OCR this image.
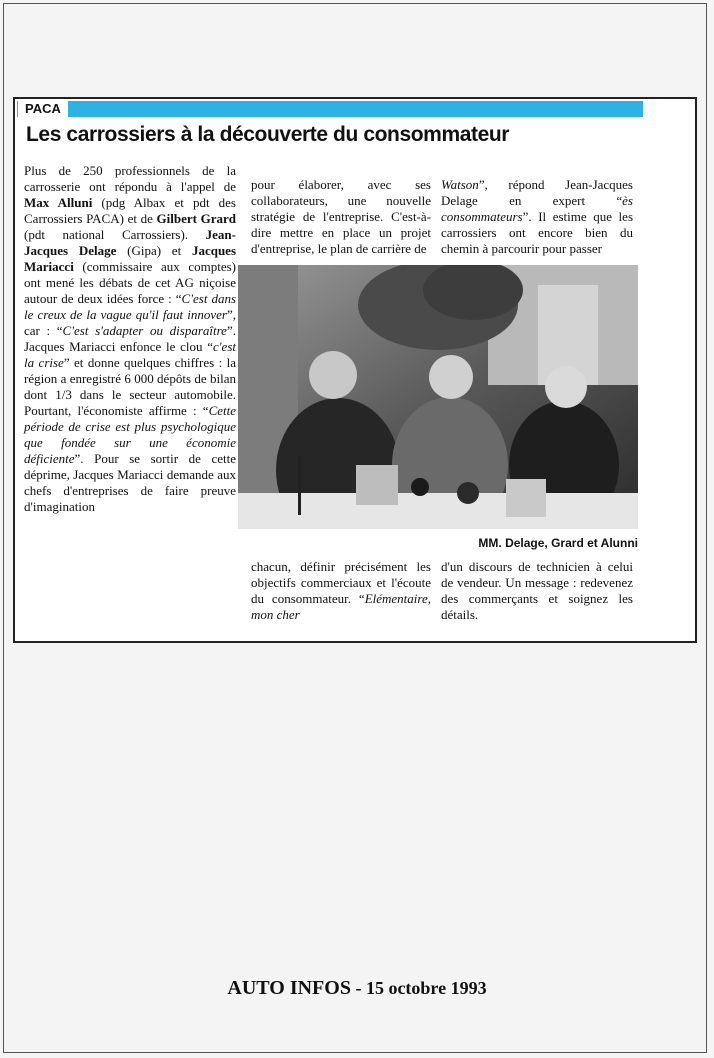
PACA
Les carrossiers à la découverte du consommateur

Plus de 250 professionnels de la carrosserie ont répondu à l'appel de Max Alluni (pdg Albax et pdt des Carrossiers PACA) et de Gilbert Grard (pdt national Carrossiers). Jean-Jacques Delage (Gipa) et Jacques Mariacci (commissaire aux comptes) ont mené les débats de cet AG niçoise autour de deux idées force : “C'est dans le creux de la vague qu'il faut innover”, car : “C'est s'adapter ou disparaître”. Jacques Mariacci enfonce le clou “c'est la crise” et donne quelques chiffres : la région a enregistré 6 000 dépôts de bilan dont 1/3 dans le secteur automobile. Pourtant, l'économiste affirme : “Cette période de crise est plus psychologique que fondée sur une économie déficiente”. Pour se sortir de cette déprime, Jacques Mariacci demande aux chefs d'entreprises de faire preuve d'imagination

pour élaborer, avec ses collaborateurs, une nouvelle stratégie de l'entreprise. C'est-à-dire mettre en place un projet d'entreprise, le plan de carrière de

Watson”, répond Jean-Jacques Delage en expert “ès consommateurs”. Il estime que les carrossiers ont encore bien du chemin à parcourir pour passer

MM. Delage, Grard et Alunni

chacun, définir précisément les objectifs commerciaux et l'écoute du consommateur. “Elémentaire, mon cher

d'un discours de technicien à celui de vendeur. Un message : redevenez des commerçants et soignez les détails.

AUTO INFOS - 15 octobre 1993
